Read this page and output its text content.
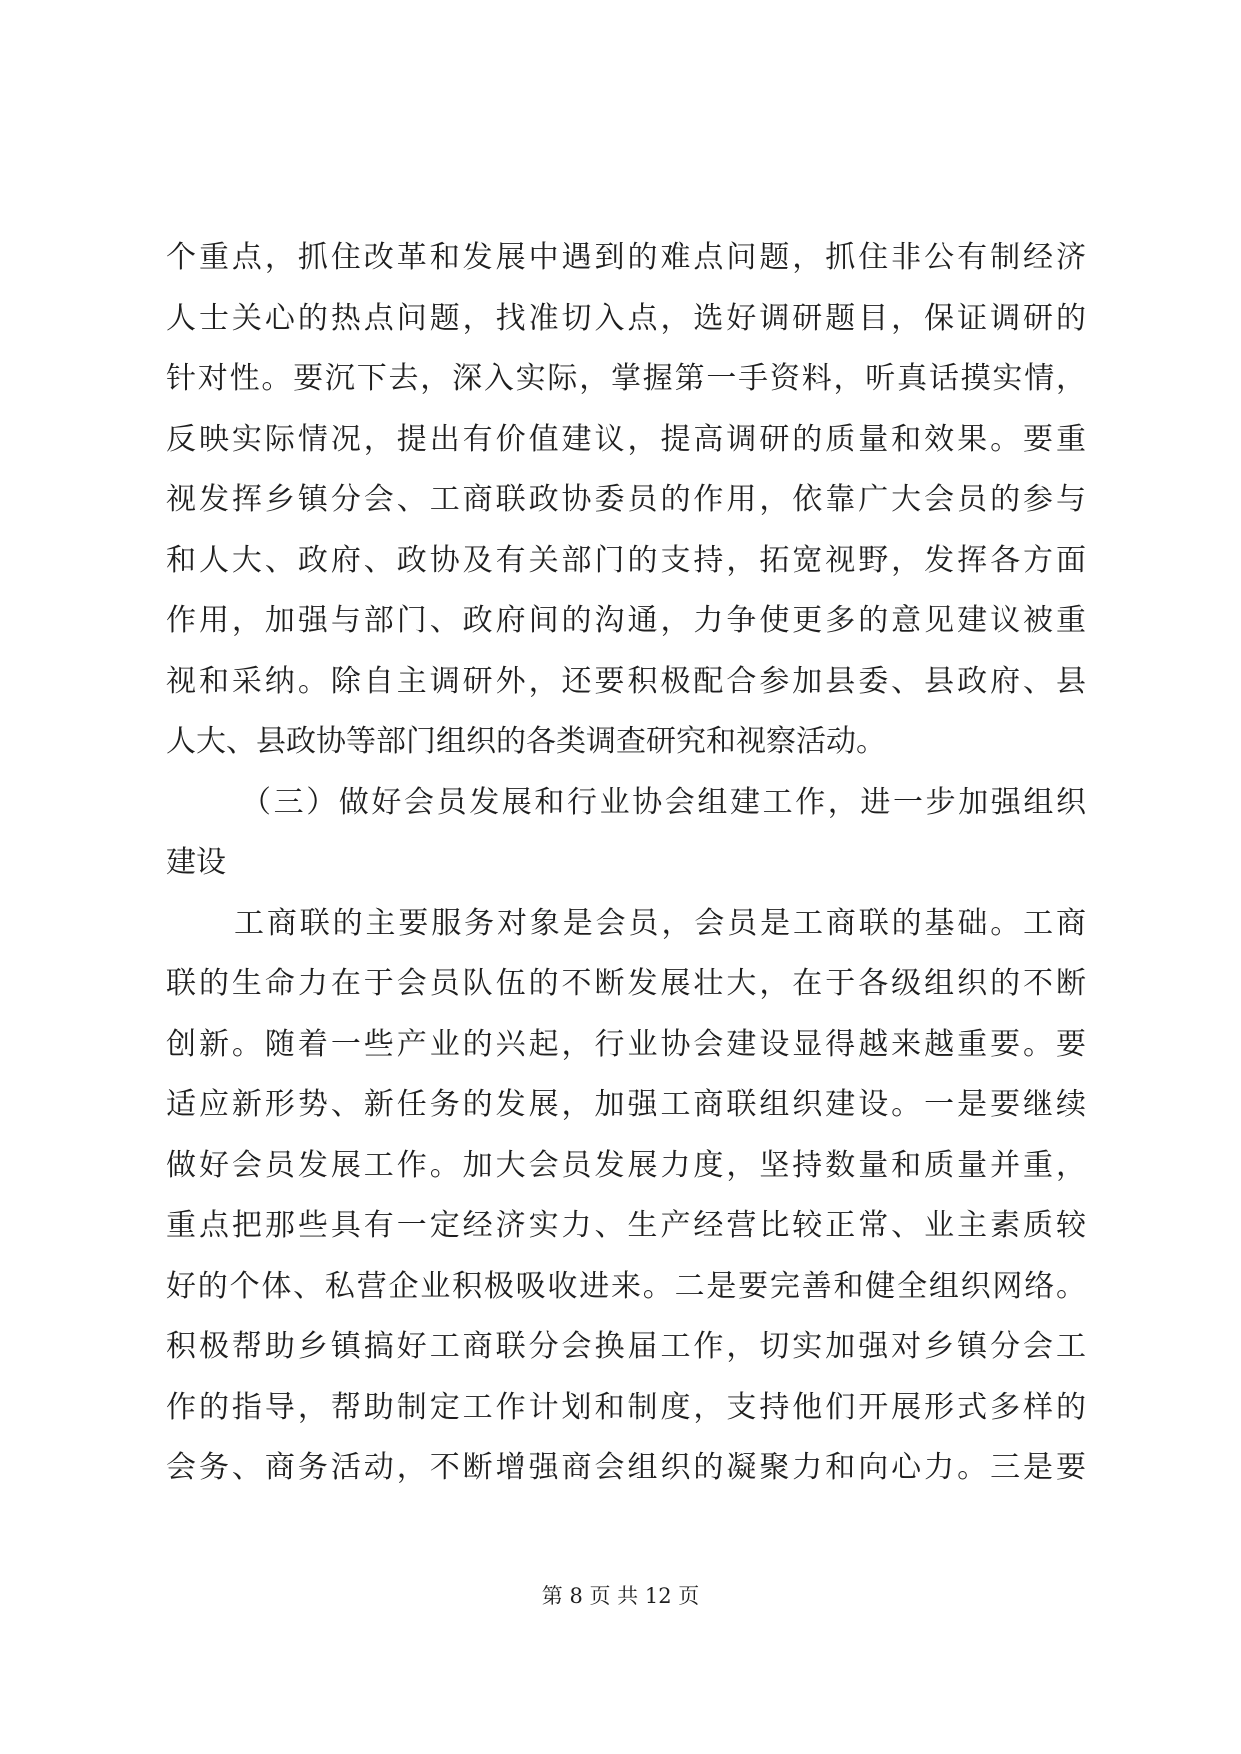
个重点，抓住改革和发展中遇到的难点问题，抓住非公有制经济
人士关心的热点问题，找准切入点，选好调研题目，保证调研的
针对性。要沉下去，深入实际，掌握第一手资料，听真话摸实情，
反映实际情况，提出有价值建议，提高调研的质量和效果。要重
视发挥乡镇分会、工商联政协委员的作用，依靠广大会员的参与
和人大、政府、政协及有关部门的支持，拓宽视野，发挥各方面
作用，加强与部门、政府间的沟通，力争使更多的意见建议被重
视和采纳。除自主调研外，还要积极配合参加县委、县政府、县
人大、县政协等部门组织的各类调查研究和视察活动。
（三）做好会员发展和行业协会组建工作，进一步加强组织
建设
工商联的主要服务对象是会员，会员是工商联的基础。工商
联的生命力在于会员队伍的不断发展壮大，在于各级组织的不断
创新。随着一些产业的兴起，行业协会建设显得越来越重要。要
适应新形势、新任务的发展，加强工商联组织建设。一是要继续
做好会员发展工作。加大会员发展力度，坚持数量和质量并重，
重点把那些具有一定经济实力、生产经营比较正常、业主素质较
好的个体、私营企业积极吸收进来。二是要完善和健全组织网络。
积极帮助乡镇搞好工商联分会换届工作，切实加强对乡镇分会工
作的指导，帮助制定工作计划和制度，支持他们开展形式多样的
会务、商务活动，不断增强商会组织的凝聚力和向心力。三是要
第 8 页 共 12 页
